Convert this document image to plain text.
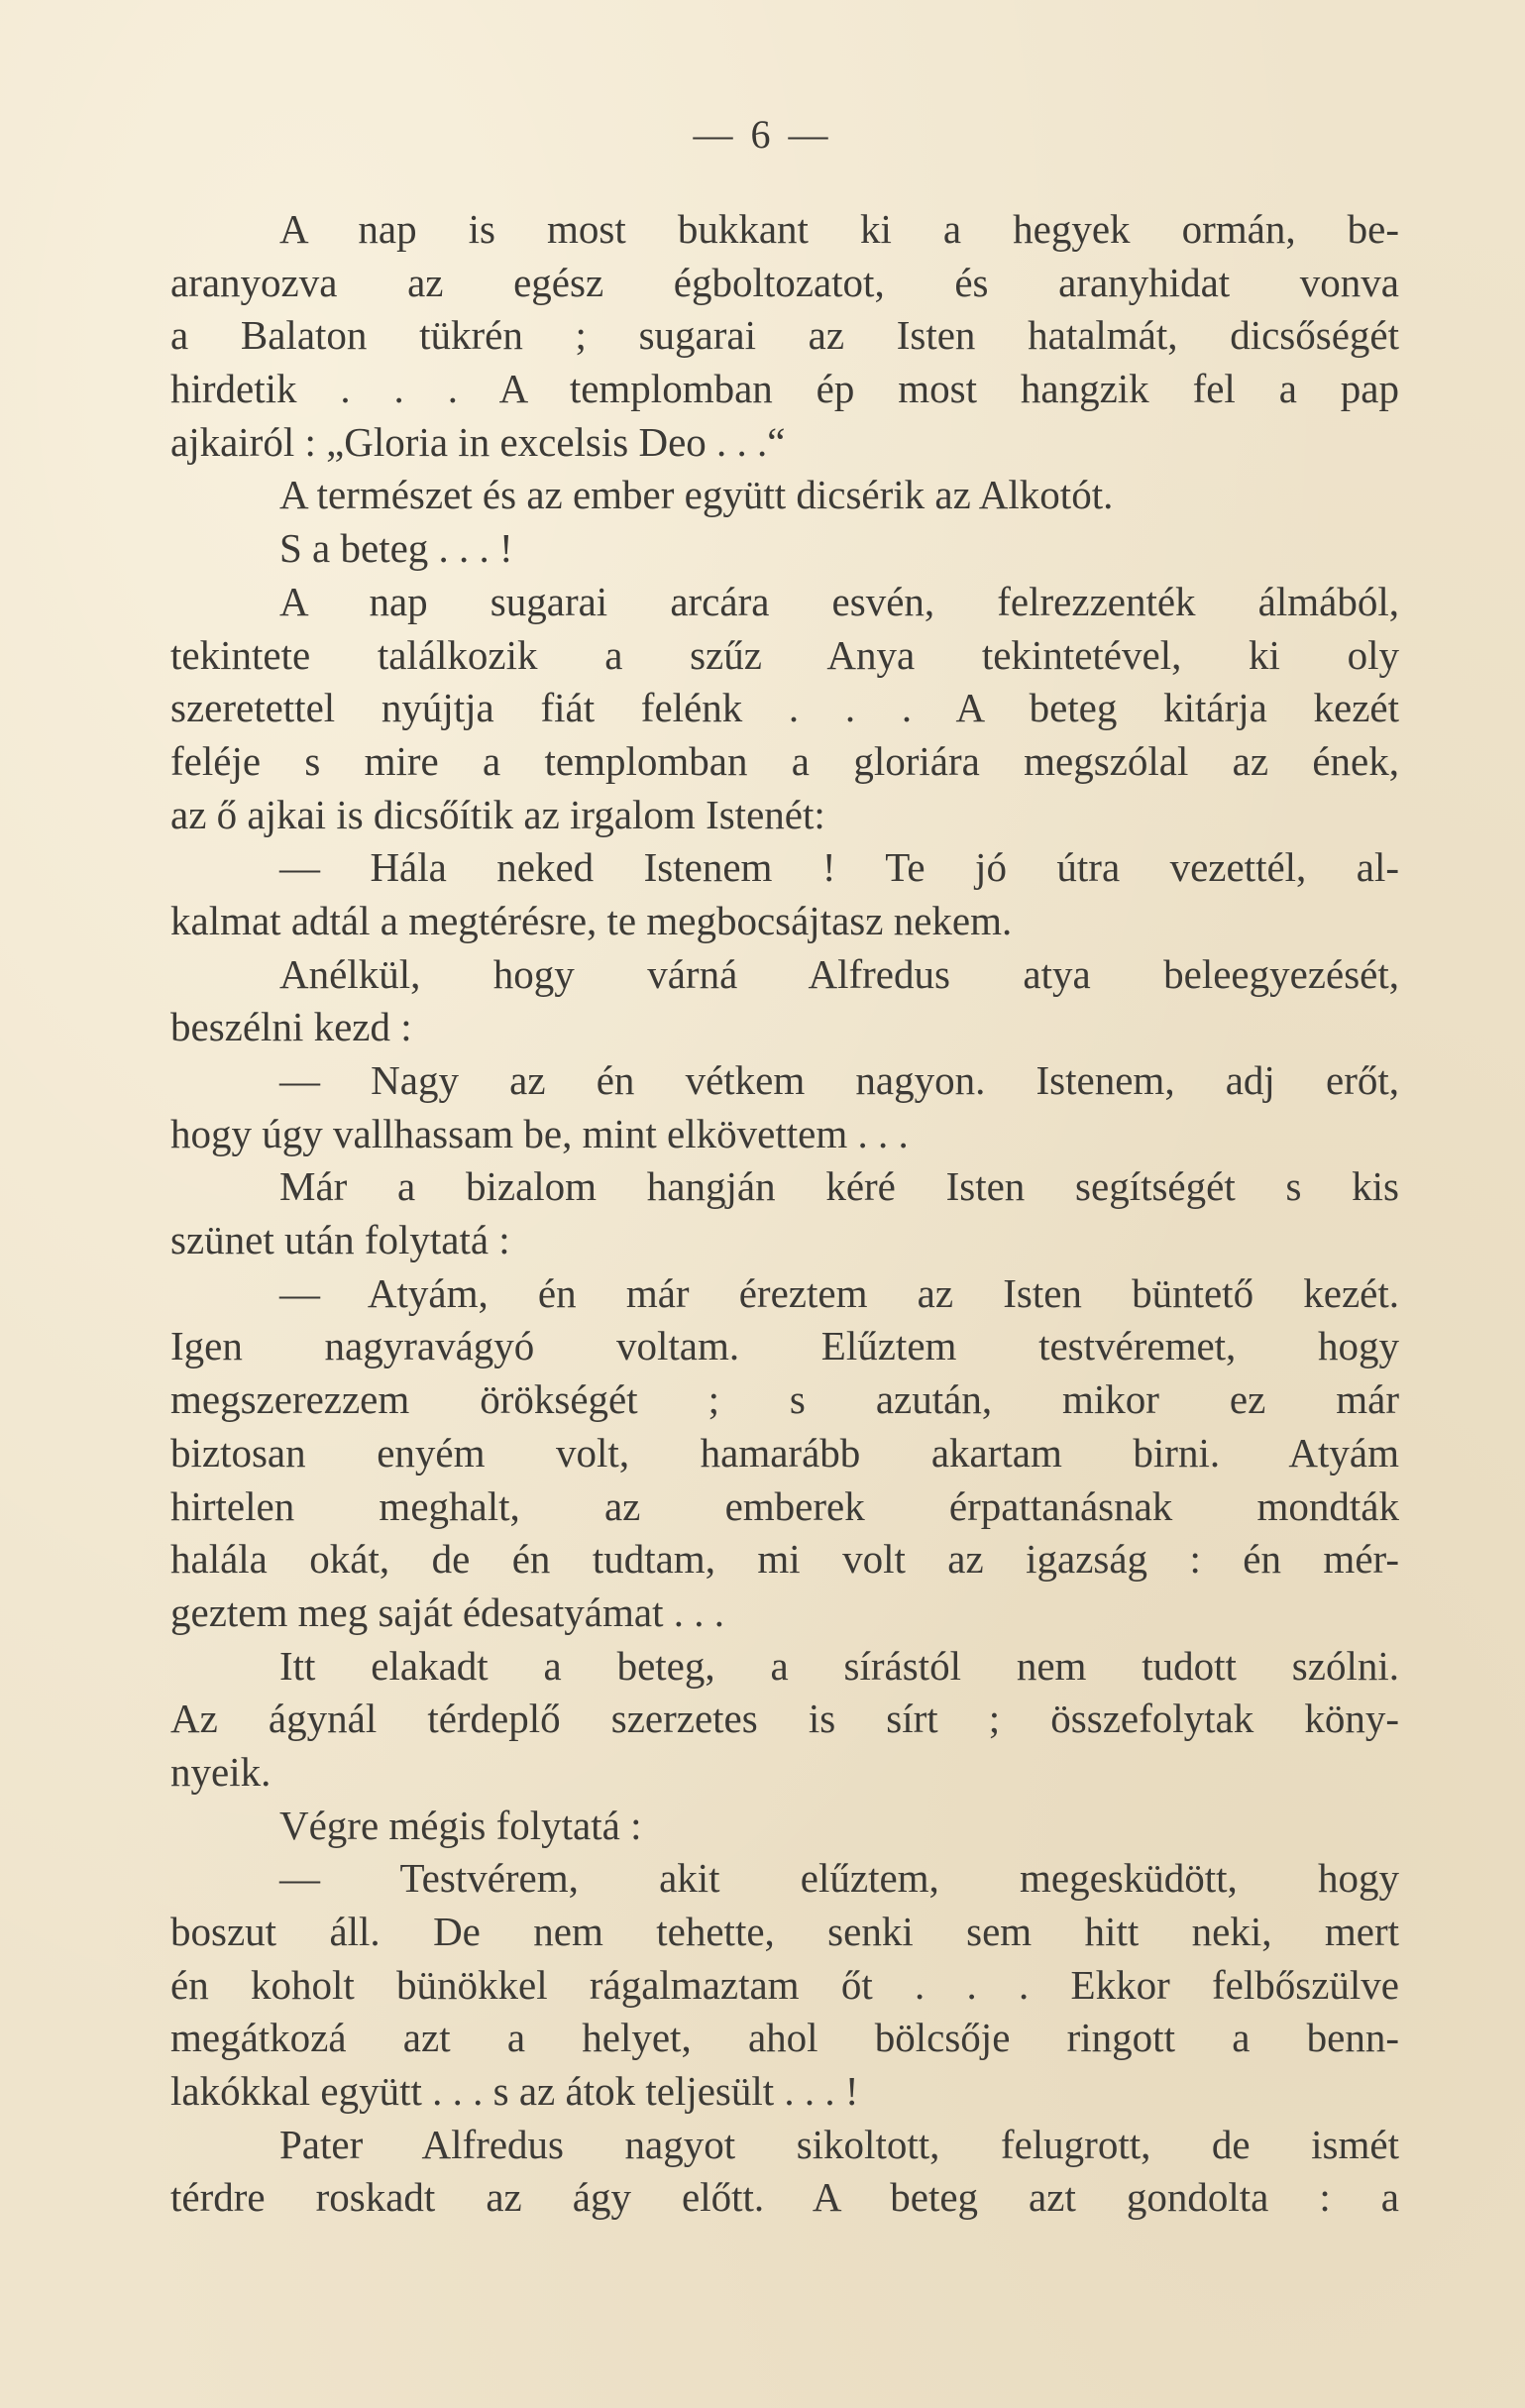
— 6 —
A nap is most bukkant ki a hegyek ormán, be-
aranyozva az egész égboltozatot, és aranyhidat vonva
a Balaton tükrén ; sugarai az Isten hatalmát, dicsőségét
hirdetik . . . A templomban ép most hangzik fel a pap
ajkairól : „Gloria in excelsis Deo . . .“
A természet és az ember együtt dicsérik az Alkotót.
S a beteg . . . !
A nap sugarai arcára esvén, felrezzenték álmából,
tekintete találkozik a szűz Anya tekintetével, ki oly
szeretettel nyújtja fiát felénk . . . A beteg kitárja kezét
feléje s mire a templomban a gloriára megszólal az ének,
az ő ajkai is dicsőítik az irgalom Istenét:
— Hála neked Istenem ! Te jó útra vezettél, al-
kalmat adtál a megtérésre, te megbocsájtasz nekem.
Anélkül, hogy várná Alfredus atya beleegyezését,
beszélni kezd :
— Nagy az én vétkem nagyon. Istenem, adj erőt,
hogy úgy vallhassam be, mint elkövettem . . .
Már a bizalom hangján kéré Isten segítségét s kis
szünet után folytatá :
— Atyám, én már éreztem az Isten büntető kezét.
Igen nagyravágyó voltam. Elűztem testvéremet, hogy
megszerezzem örökségét ; s azután, mikor ez már
biztosan enyém volt, hamarább akartam birni. Atyám
hirtelen meghalt, az emberek érpattanásnak mondták
halála okát, de én tudtam, mi volt az igazság : én mér-
geztem meg saját édesatyámat . . .
Itt elakadt a beteg, a sírástól nem tudott szólni.
Az ágynál térdeplő szerzetes is sírt ; összefolytak köny-
nyeik.
Végre mégis folytatá :
— Testvérem, akit elűztem, megesküdött, hogy
boszut áll. De nem tehette, senki sem hitt neki, mert
én koholt bünökkel rágalmaztam őt . . . Ekkor felbőszülve
megátkozá azt a helyet, ahol bölcsője ringott a benn-
lakókkal együtt . . . s az átok teljesült . . . !
Pater Alfredus nagyot sikoltott, felugrott, de ismét
térdre roskadt az ágy előtt. A beteg azt gondolta : a
